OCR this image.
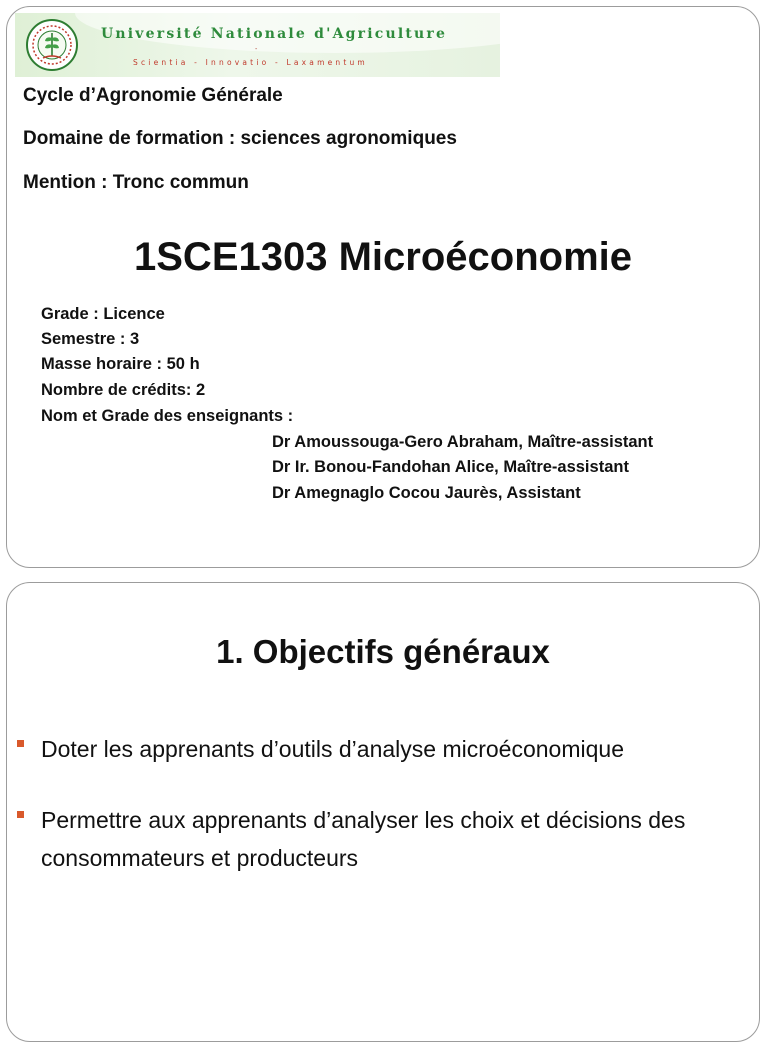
Université Nationale d'Agriculture
-
Scientia - Innovatio - Laxamentum
Cycle d’Agronomie Générale
Domaine de formation : sciences agronomiques
Mention : Tronc commun
1SCE1303 Microéconomie
Grade : Licence
Semestre : 3
Masse horaire : 50 h
Nombre de crédits: 2
Nom et Grade des enseignants :
Dr Amoussouga-Gero Abraham, Maître-assistant
Dr Ir. Bonou-Fandohan Alice, Maître-assistant
Dr Amegnaglo Cocou Jaurès, Assistant
1. Objectifs généraux
Doter les apprenants d’outils d’analyse microéconomique
Permettre aux apprenants d’analyser les choix et décisions des consommateurs et producteurs
